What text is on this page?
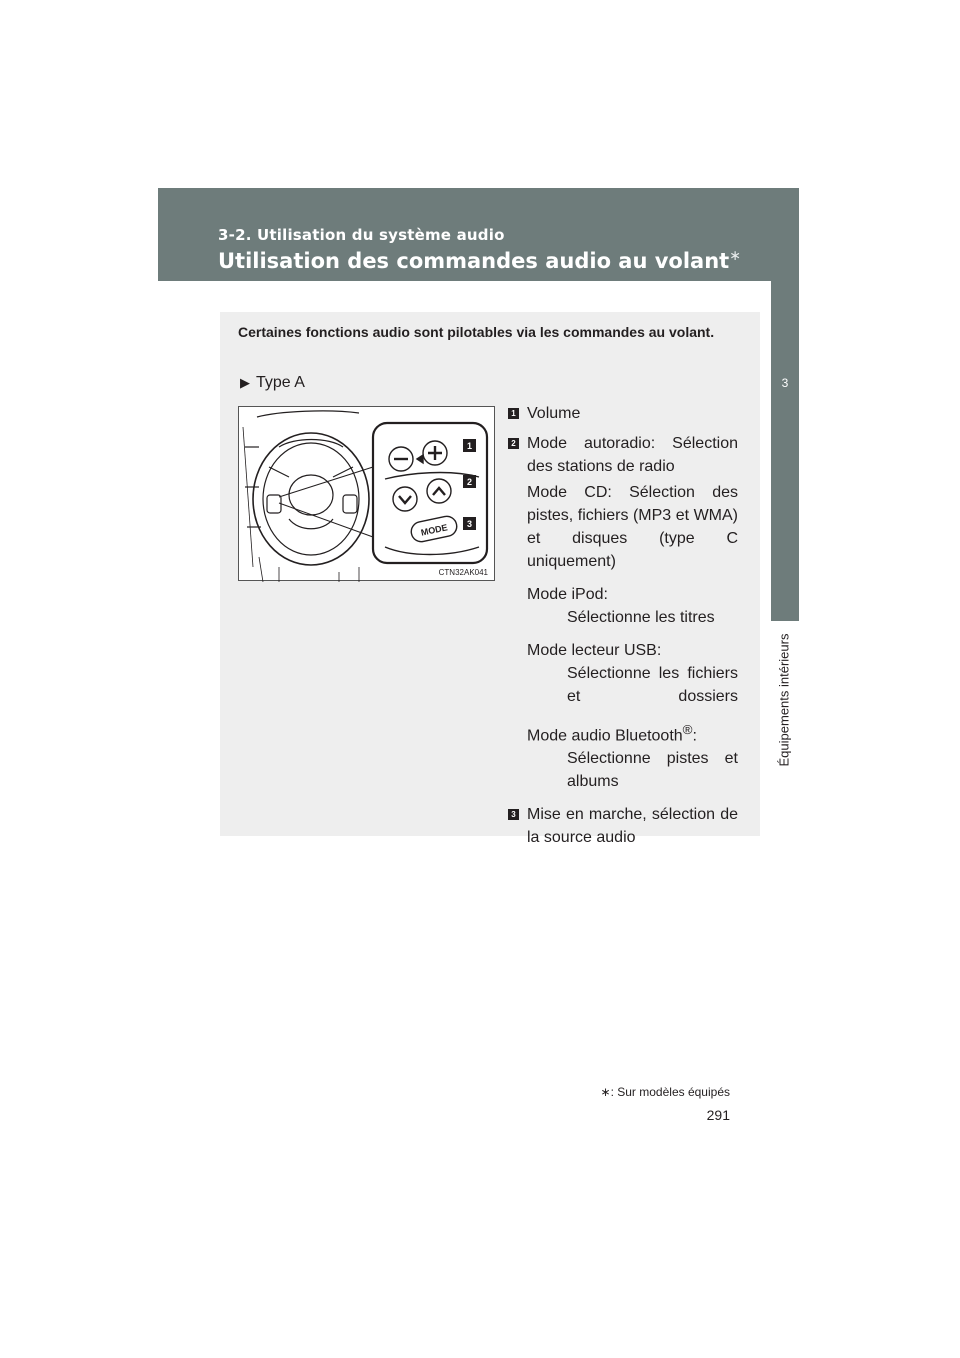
3-2. Utilisation du système audio
Utilisation des commandes audio au volant∗
3
Équipements intérieurs
Certaines fonctions audio sont pilotables via les commandes au volant.
▶ Type A
MODE
1
2
3
CTN32AK041
1 Volume
2 Mode autoradio: Sélection des stations de radio
Mode CD: Sélection des pistes, fichiers (MP3 et WMA) et disques (type C uniquement)
Mode iPod:
Sélectionne les titres
Mode lecteur USB:
Sélectionne les fichiers et dossiers
Mode audio Bluetooth®:
Sélectionne pistes et albums
3 Mise en marche, sélection de la source audio
∗: Sur modèles équipés
291
